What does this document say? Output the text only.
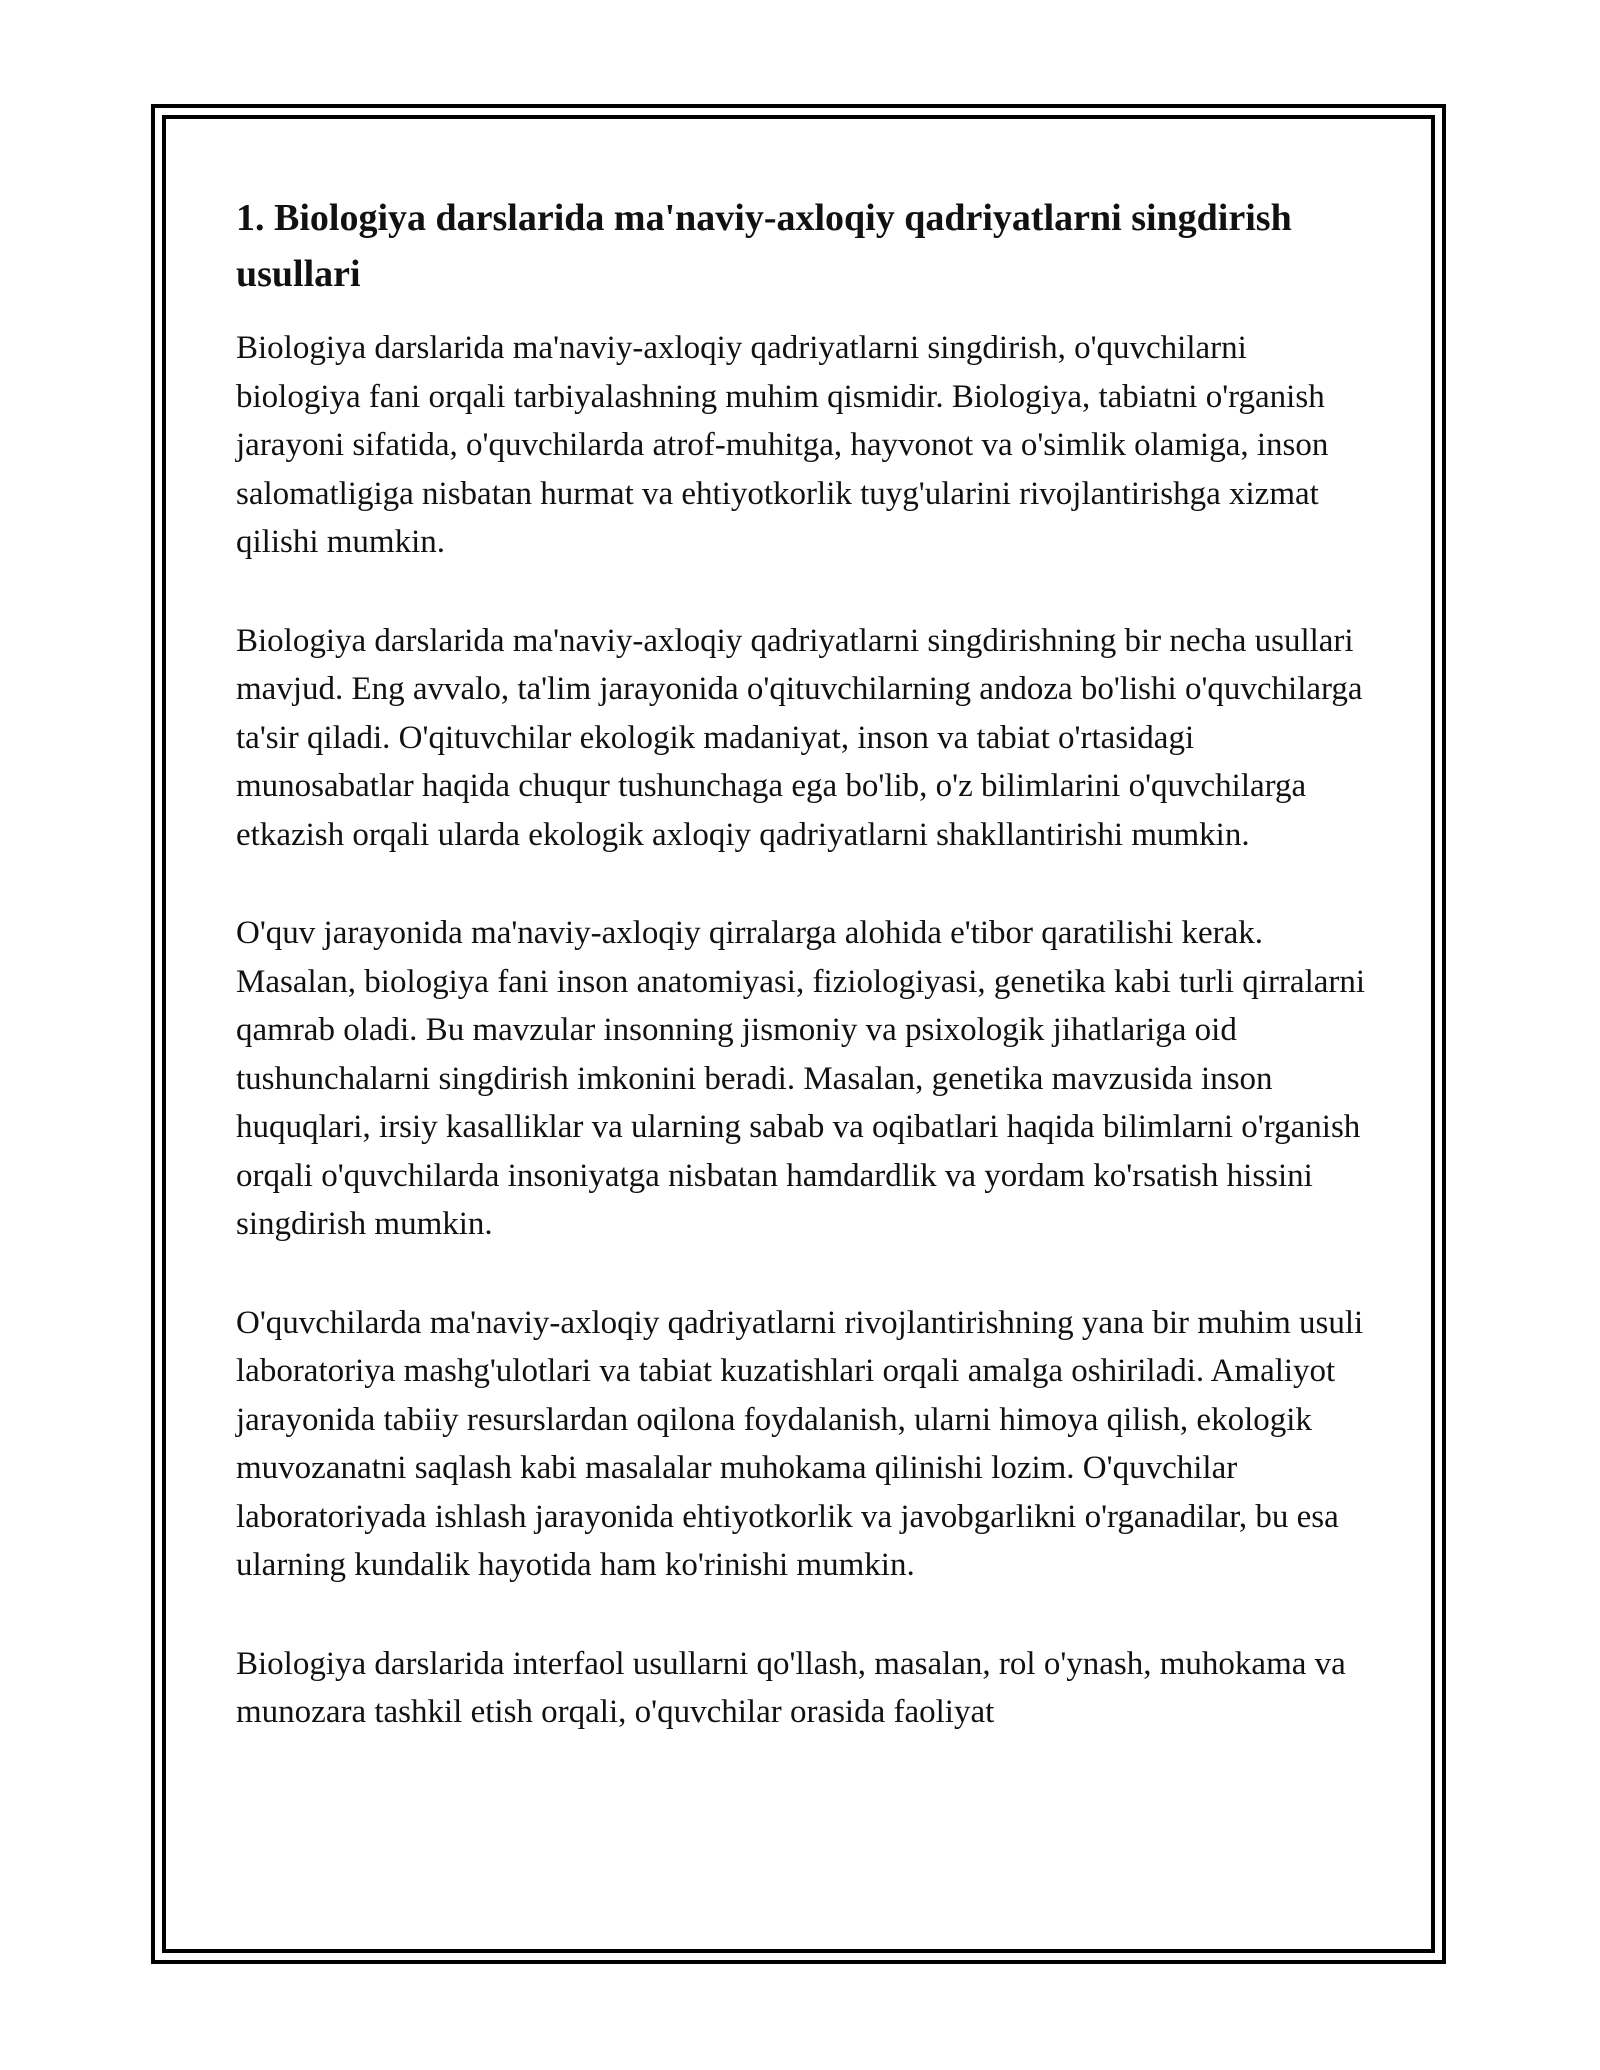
1. Biologiya darslarida ma'naviy-axloqiy qadriyatlarni singdirish usullari

Biologiya darslarida ma'naviy-axloqiy qadriyatlarni singdirish, o'quvchilarni biologiya fani orqali tarbiyalashning muhim qismidir. Biologiya, tabiatni o'rganish jarayoni sifatida, o'quvchilarda atrof-muhitga, hayvonot va o'simlik olamiga, inson salomatligiga nisbatan hurmat va ehtiyotkorlik tuyg'ularini rivojlantirishga xizmat qilishi mumkin.

Biologiya darslarida ma'naviy-axloqiy qadriyatlarni singdirishning bir necha usullari mavjud. Eng avvalo, ta'lim jarayonida o'qituvchilarning andoza bo'lishi o'quvchilarga ta'sir qiladi. O'qituvchilar ekologik madaniyat, inson va tabiat o'rtasidagi munosabatlar haqida chuqur tushunchaga ega bo'lib, o'z bilimlarini o'quvchilarga etkazish orqali ularda ekologik axloqiy qadriyatlarni shakllantirishi mumkin.

O'quv jarayonida ma'naviy-axloqiy qirralarga alohida e'tibor qaratilishi kerak. Masalan, biologiya fani inson anatomiyasi, fiziologiyasi, genetika kabi turli qirralarni qamrab oladi. Bu mavzular insonning jismoniy va psixologik jihatlariga oid tushunchalarni singdirish imkonini beradi. Masalan, genetika mavzusida inson huquqlari, irsiy kasalliklar va ularning sabab va oqibatlari haqida bilimlarni o'rganish orqali o'quvchilarda insoniyatga nisbatan hamdardlik va yordam ko'rsatish hissini singdirish mumkin.

O'quvchilarda ma'naviy-axloqiy qadriyatlarni rivojlantirishning yana bir muhim usuli laboratoriya mashg'ulotlari va tabiat kuzatishlari orqali amalga oshiriladi. Amaliyot jarayonida tabiiy resurslardan oqilona foydalanish, ularni himoya qilish, ekologik muvozanatni saqlash kabi masalalar muhokama qilinishi lozim. O'quvchilar laboratoriyada ishlash jarayonida ehtiyotkorlik va javobgarlikni o'rganadilar, bu esa ularning kundalik hayotida ham ko'rinishi mumkin.

Biologiya darslarida interfaol usullarni qo'llash, masalan, rol o'ynash, muhokama va munozara tashkil etish orqali, o'quvchilar orasida faoliyat
